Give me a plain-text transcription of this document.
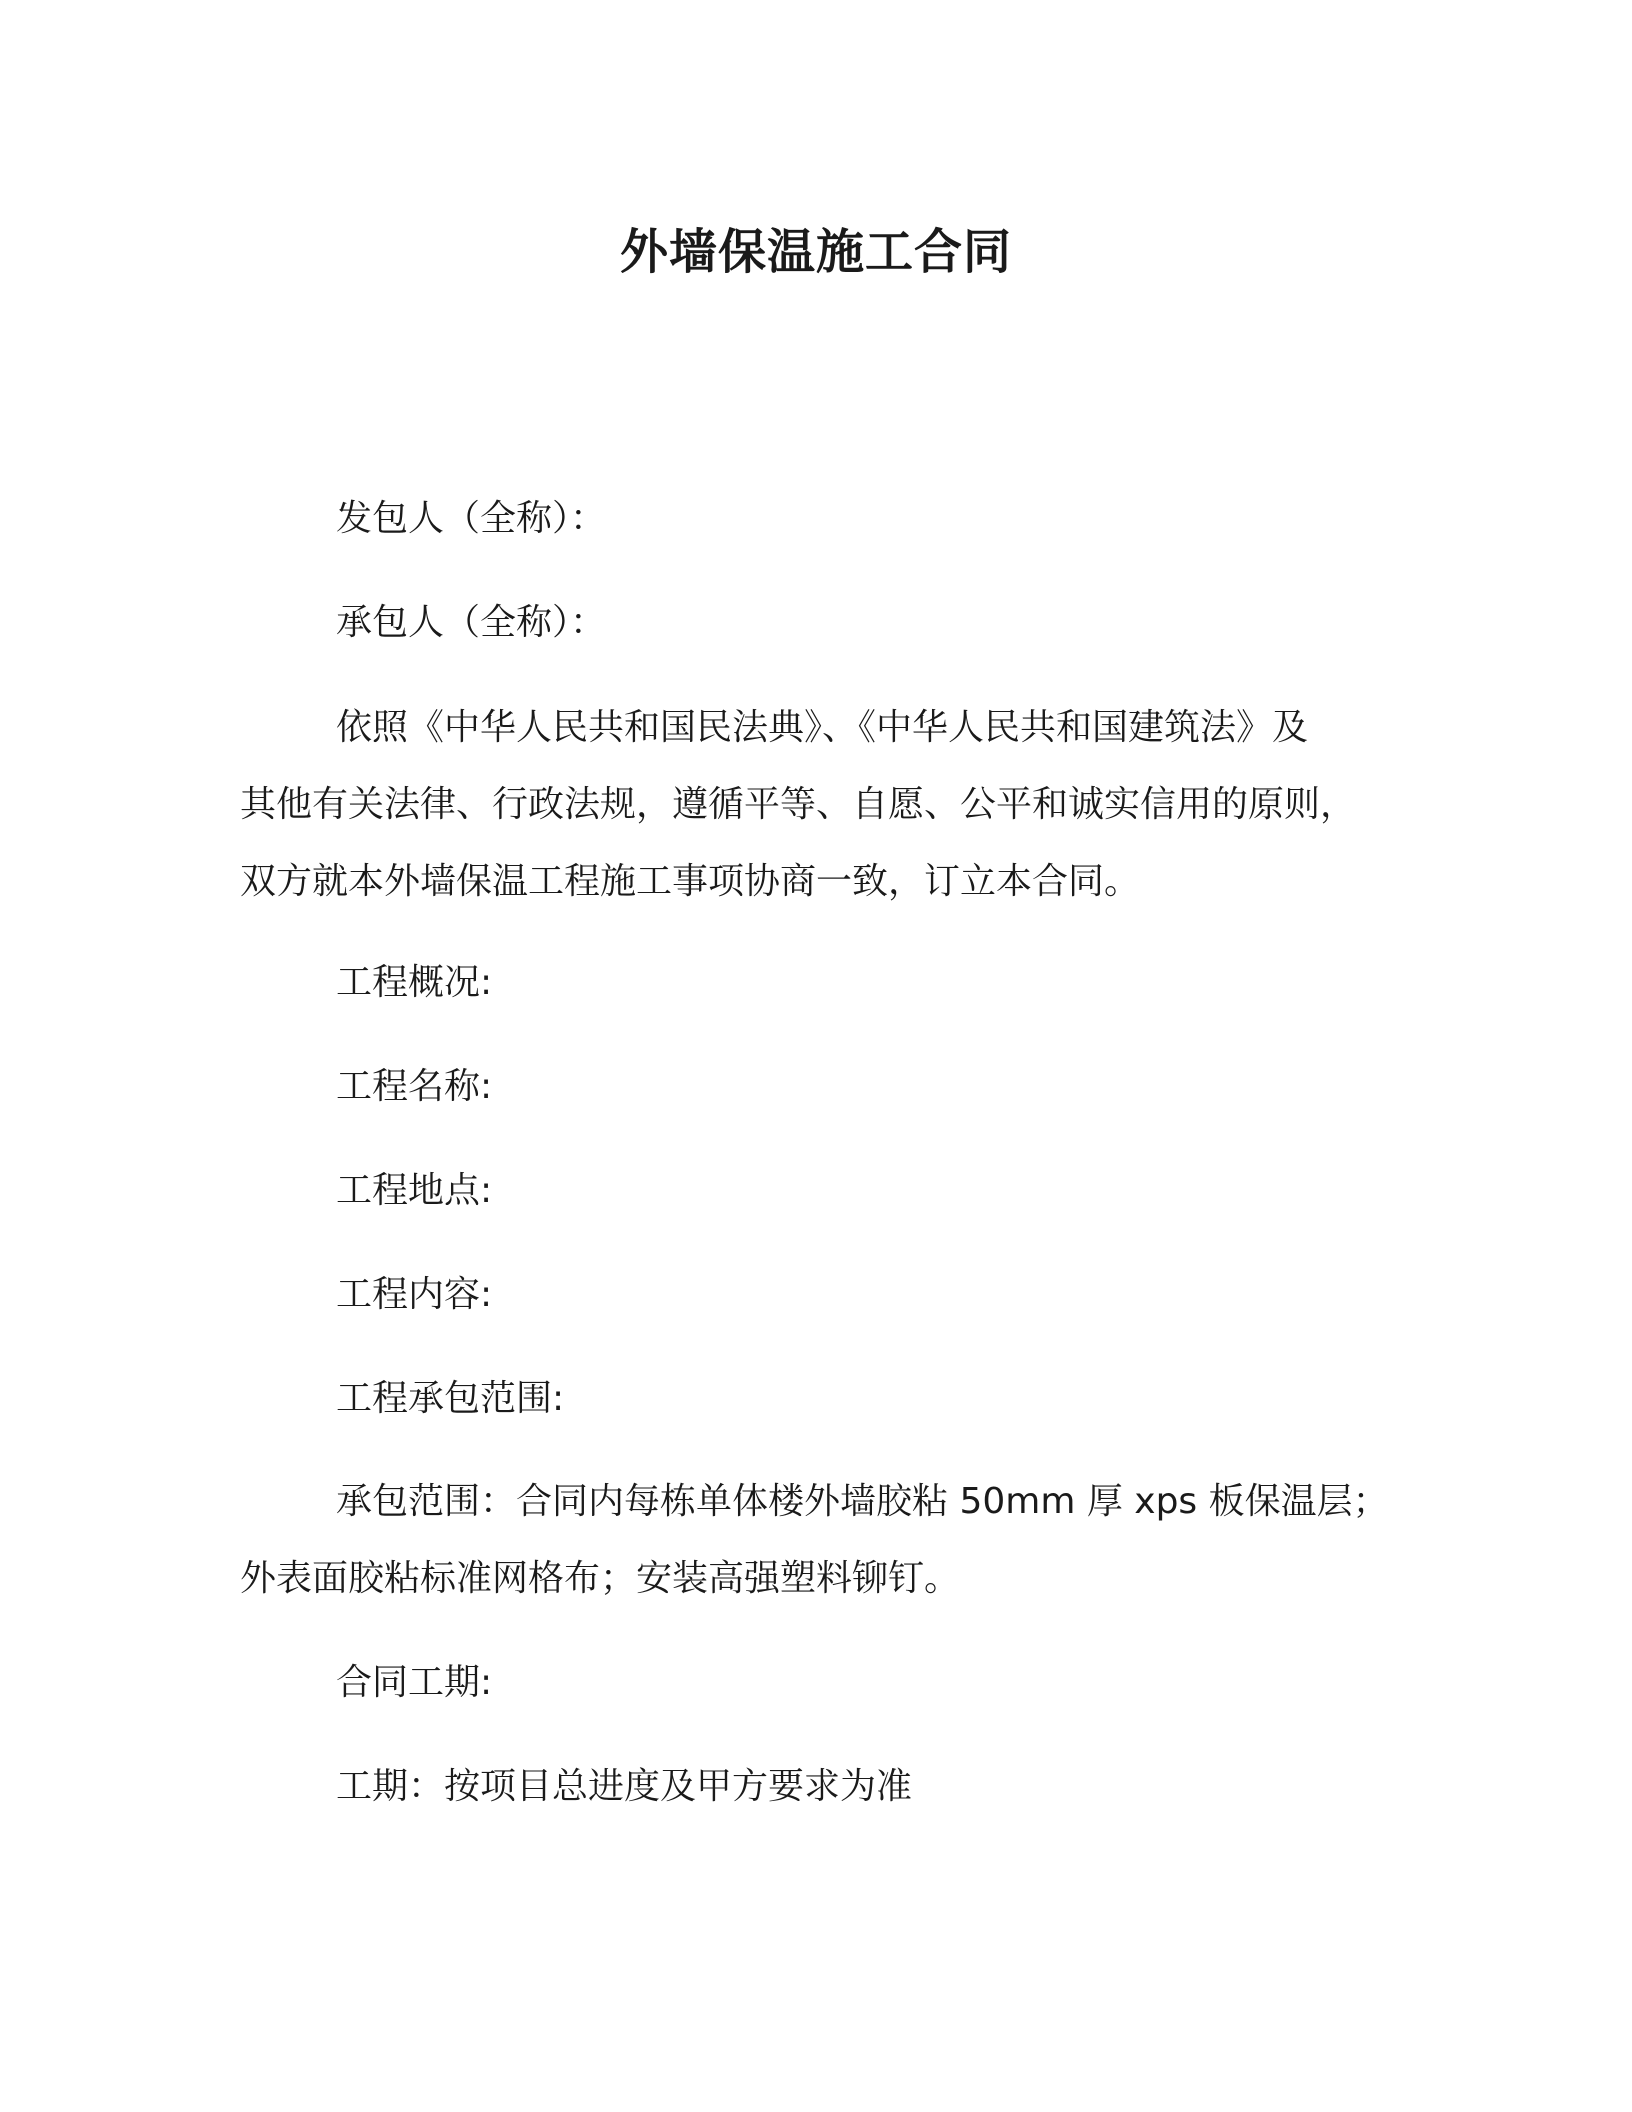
外墙保温施工合同
发包人（全称）：
承包人（全称）：
依照《中华人民共和国民法典》、《中华人民共和国建筑法》及
其他有关法律、行政法规，遵循平等、自愿、公平和诚实信用的原则，
双方就本外墙保温工程施工事项协商一致，订立本合同。
工程概况:
工程名称:
工程地点:
工程内容:
工程承包范围:
承包范围：合同内每栋单体楼外墙胶粘 50mm 厚 xps 板保温层；
外表面胶粘标准网格布；安装高强塑料铆钉。
合同工期:
工期：按项目总进度及甲方要求为准
